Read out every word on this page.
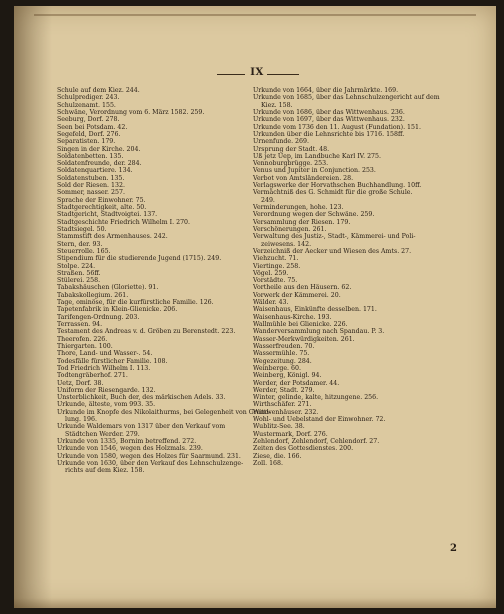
IX
Schule auf dem Kiez. 244.
Schulprediger. 243.
Schulzenamt. 155.
Schwäne, Verordnung vom 6. März 1582. 259.
Seeburg, Dorf. 278.
Seen bei Potsdam. 42.
Segefeld, Dorf. 276.
Separatisten. 179.
Singen in der Kirche. 204.
Soldatenbetten. 135.
Soldatenfreunde, der. 284.
Soldatenquartiere. 134.
Soldatenstuben. 135.
Sold der Riesen. 132.
Sommer, nasser. 257.
Sprache der Einwohner. 75.
Stadtgerechtigkeit, alte. 50.
Stadtgericht, Stadtvoigtei. 137.
Stadtgeschichte Friedrich Wilhelm I. 270.
Stadtsiegel. 50.
Stammstift des Armenhauses. 242.
Stern, der. 93.
Steuerrolle. 165.
Stipendium für die studierende Jugend (1715). 249.
Stolpe. 224.
Straßen. 56ff.
Stülerei. 258.
Tabakshäuschen (Gloriette). 91.
Tabakskollegium. 261.
Tage, ominöse, für die kurfürstliche Familie. 126.
Tapetenfabrik in Klein-Glienicke. 206.
Tarifengen-Ordnung. 203.
Terrassen. 94.
Testament des Andreas v. d. Gröben zu Berenstedt. 223.
Theerofen. 226.
Thiergarten. 100.
Thore, Land- und Wasser-. 54.
Todesfälle fürstlicher Familie. 108.
Tod Friedrich Wilhelm I. 113.
Todtengräberhof. 271.
Uetz, Dorf. 38.
Uniform der Riesengarde. 132.
Unsterblichkeit, Buch der, des märkischen Adels. 33.
Urkunde, älteste, vom 993. 35.
Urkunde im Knopfe des Nikolaithurms, bei Gelegenheit von Grund-
lung. 196.
Urkunde Waldemars von 1317 über den Verkauf vom
Städtchen Werder. 279.
Urkunde von 1335, Bornim betreffend. 272.
Urkunde von 1546, wegen des Holzmals. 239.
Urkunde von 1580, wegen des Holzes für Saarmund. 231.
Urkunde von 1630, über den Verkauf des Lehnschulzenge-
richts auf dem Kiez. 158.
Urkunde von 1664, über die Jahrmärkte. 169.
Urkunde von 1685, über das Lehnschulzengericht auf dem
Kiez. 158.
Urkunde von 1686, über das Wittwenhaus. 236.
Urkunde von 1697, über das Wittwenhaus. 232.
Urkunde vom 1736 den 11. August (Fundation). 151.
Urkunden über die Lehnsrichte bis 1716. 158ff.
Urnenfunde. 269.
Ursprung der Stadt. 48.
Uß jetz Uep, im Landbuche Karl IV. 275.
Vennoburgbrügge. 253.
Venus und Jupiter in Conjunction. 253.
Verbot von Amtsländereien. 28.
Verlagswerke der Horvathschen Buchhandlung. 10ff.
Vermächtniß des G. Schmidt für die große Schule.
249.
Verminderungen, hohe. 123.
Verordnung wegen der Schwäne. 259.
Versammlung der Riesen. 179.
Verschönerungen. 261.
Verwaltung des Justiz-, Stadt-, Kämmerei- und Poli-
zeiwesens. 142.
Verzeichniß der Aecker und Wiesen des Amts. 27.
Viehzucht. 71.
Viertinge. 258.
Vögel. 259.
Vorstädte. 75.
Vortheile aus den Häusern. 62.
Vorwerk der Kämmerei. 20.
Wälder. 43.
Waisenhaus, Einkünfte desselben. 171.
Waisenhaus-Kirche. 193.
Wallmühle bei Glienicke. 226.
Wanderversammlung nach Spandau. P. 3.
Wasser-Merkwürdigkeiten. 261.
Wasserfreuden. 70.
Wassermühle. 75.
Wegezeitung. 284.
Weinberge. 60.
Weinberg, Königl. 94.
Werder, der Potsdamer. 44.
Werder, Stadt. 279.
Winter, gelinde, kalte, hitzungene. 256.
Wirthschäfer. 271.
Wittwenhäuser. 232.
Wohl- und Uebelstand der Einwohner. 72.
Wublitz-See. 38.
Wustermark, Dorf. 276.
Zehlendorf, Zehlendorf, Cehlendorf. 27.
Zeiten des Gottesdienstes. 200.
Ziese, die. 166.
Zoll. 168.
2
